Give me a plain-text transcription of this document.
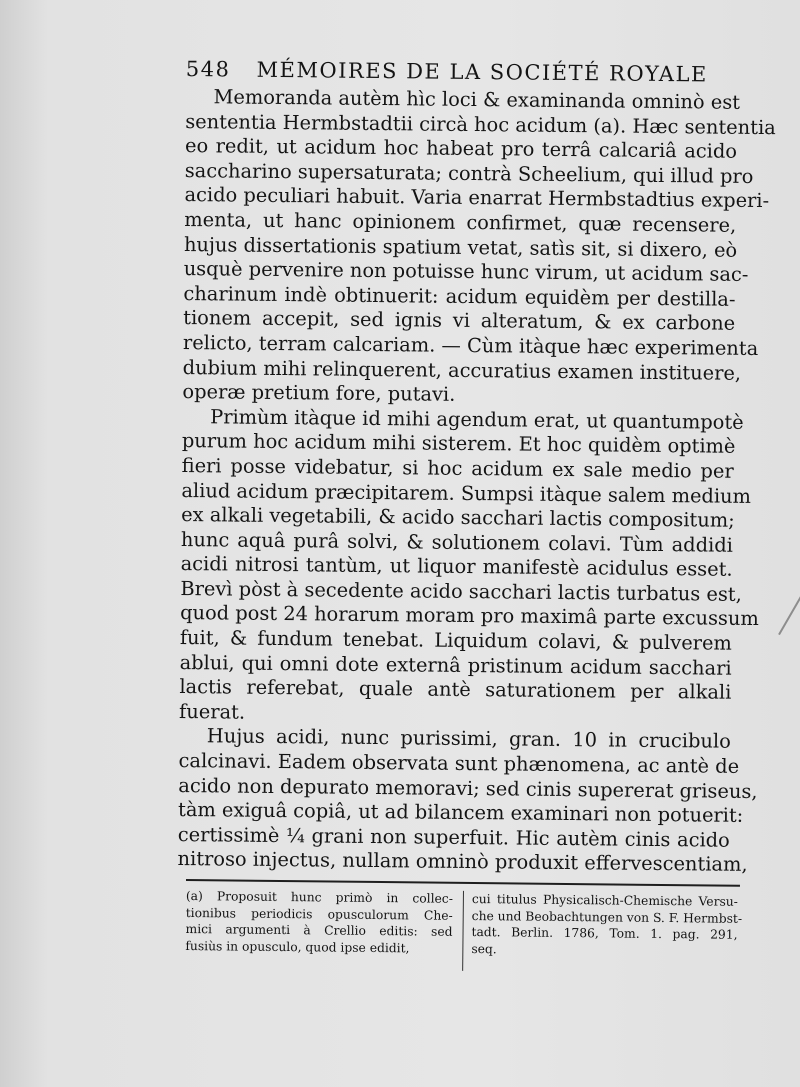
548 MÉMOIRES DE LA SOCIÉTÉ ROYALE

Memoranda autèm hìc loci & examinanda omninò est
sententia Hermbstadtii circà hoc acidum (a). Hæc sententia
eo redit, ut acidum hoc habeat pro terrâ calcariâ acido
saccharino supersaturata; contrà Scheelium, qui illud pro
acido peculiari habuit. Varia enarrat Hermbstadtius experi-
menta, ut hanc opinionem confirmet, quæ recensere,
hujus dissertationis spatium vetat, satìs sit, si dixero, eò
usquè pervenire non potuisse hunc virum, ut acidum sac-
charinum indè obtinuerit: acidum equidèm per destilla-
tionem accepit, sed ignis vi alteratum, & ex carbone
relicto, terram calcariam. — Cùm itàque hæc experimenta
dubium mihi relinquerent, accuratius examen instituere,
operæ pretium fore, putavi.

Primùm itàque id mihi agendum erat, ut quantumpotè
purum hoc acidum mihi sisterem. Et hoc quidèm optimè
fieri posse videbatur, si hoc acidum ex sale medio per
aliud acidum præcipitarem. Sumpsi itàque salem medium
ex alkali vegetabili, & acido sacchari lactis compositum;
hunc aquâ purâ solvi, & solutionem colavi. Tùm addidi
acidi nitrosi tantùm, ut liquor manifestè acidulus esset.
Brevì pòst à secedente acido sacchari lactis turbatus est,
quod post 24 horarum moram pro maximâ parte excussum
fuit, & fundum tenebat. Liquidum colavi, & pulverem
ablui, qui omni dote externâ pristinum acidum sacchari
lactis referebat, quale antè saturationem per alkali
fuerat.

Hujus acidi, nunc purissimi, gran. 10 in crucibulo
calcinavi. Eadem observata sunt phænomena, ac antè de
acido non depurato memoravi; sed cinis supererat griseus,
tàm exiguâ copiâ, ut ad bilancem examinari non potuerit:
certissimè ¼ grani non superfuit. Hic autèm cinis acido
nitroso injectus, nullam omninò produxit effervescentiam,

(a) Proposuit hunc primò in collec-
tionibus periodicis opusculorum Che-
mici argumenti à Crellio editis: sed
fusiùs in opusculo, quod ipse edidit,
cui titulus Physicalisch-Chemische Versu-
che und Beobachtungen von S. F. Hermbst-
tadt. Berlin. 1786, Tom. 1. pag. 291,
seq.
